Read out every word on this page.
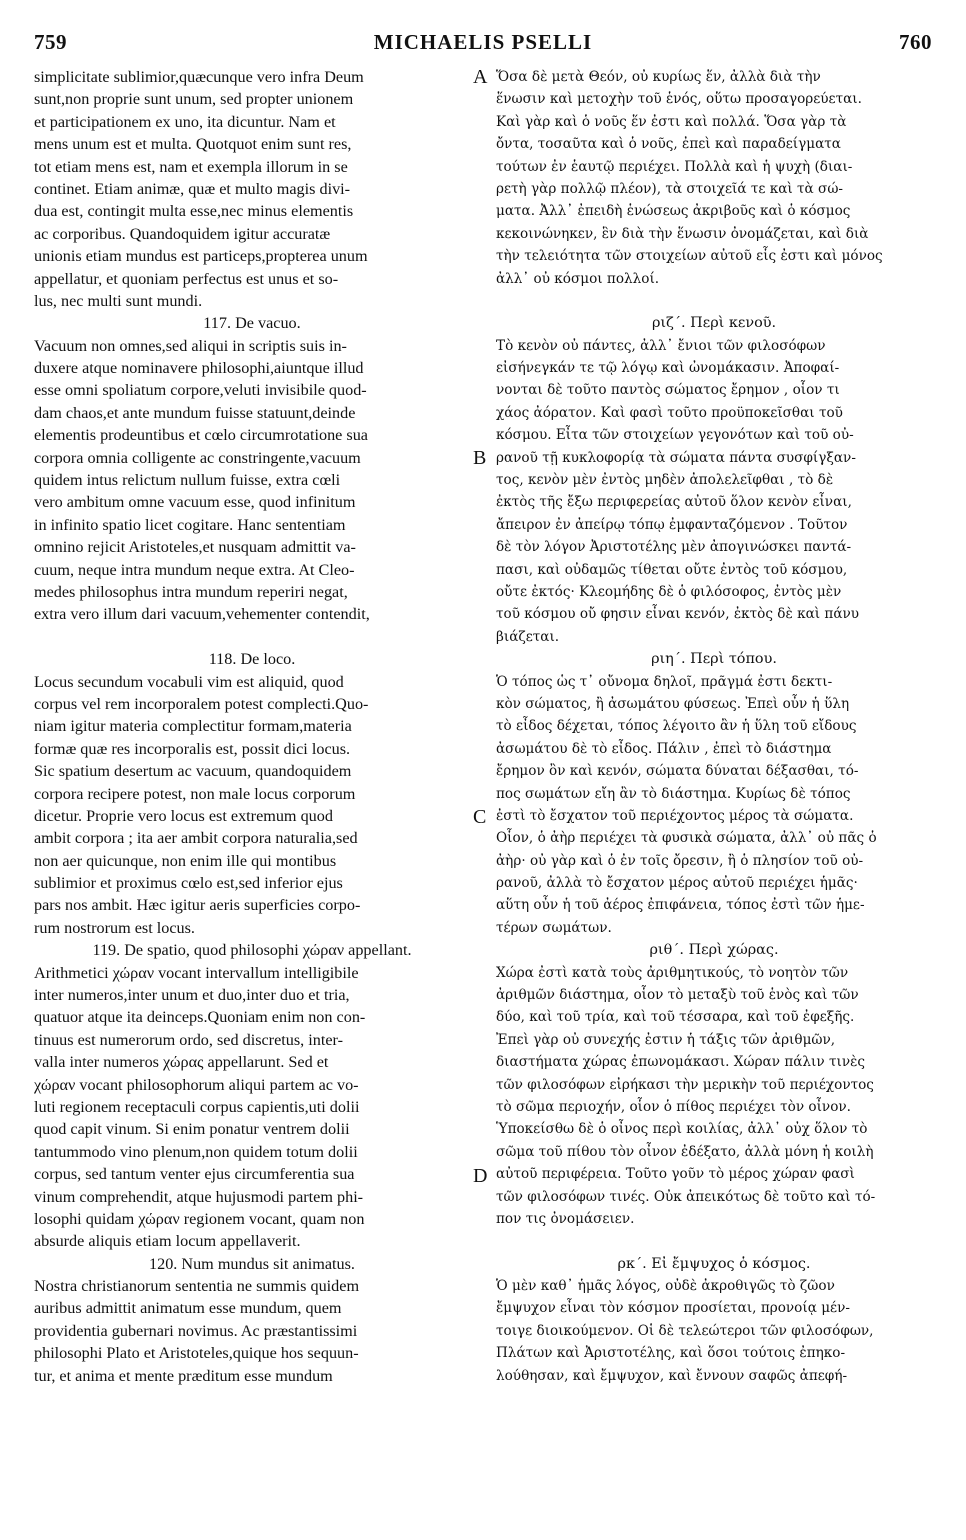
759	MICHAELIS PSELLI	760
simplicitate sublimior,quæcunque vero infra Deum
sunt,non proprie sunt unum, sed propter unionem
et participationem ex uno, ita dicuntur. Nam et
mens unum est et multa. Quotquot enim sunt res,
tot etiam mens est, nam et exempla illorum in se
continet. Etiam animæ, quæ et multo magis divi-
dua est, contingit multa esse,nec minus elementis
ac corporibus. Quandoquidem igitur accuratæ
unionis etiam mundus est particeps,propterea unum
appellatur, et quoniam perfectus est unus et so-
lus, nec multi sunt mundi.
117. De vacuo.
Vacuum non omnes,sed aliqui in scriptis suis in-
duxere atque nominavere philosophi,aiuntque illud
esse omni spoliatum corpore,veluti invisibile quod-
dam chaos,et ante mundum fuisse statuunt,deinde
elementis prodeuntibus et cœlo circumrotatione sua
corpora omnia colligente ac constringente,vacuum
quidem intus relictum nullum fuisse, extra cœli
vero ambitum omne vacuum esse, quod infinitum
in infinito spatio licet cogitare. Hanc sententiam
omnino rejicit Aristoteles,et nusquam admittit va-
cuum, neque intra mundum neque extra. At Cleo-
medes philosophus intra mundum reperiri negat,
extra vero illum dari vacuum,vehementer contendit,
118. De loco.
Locus secundum vocabuli vim est aliquid, quod
corpus vel rem incorporalem potest complecti.Quo-
niam igitur materia complectitur formam,materia
formæ quæ res incorporalis est, possit dici locus.
Sic spatium desertum ac vacuum, quandoquidem
corpora recipere potest, non male locus corporum
dicetur. Proprie vero locus est extremum quod
ambit corpora ; ita aer ambit corpora naturalia,sed
non aer quicunque, non enim ille qui montibus
sublimior et proximus cœlo est,sed inferior ejus
pars nos ambit. Hæc igitur aeris superficies corpo-
rum nostrorum est locus.
119. De spatio, quod philosophi χώραν appellant.
Arithmetici χώραν vocant intervallum intelligibile
inter numeros,inter unum et duo,inter duo et tria,
quatuor atque ita deinceps.Quoniam enim non con-
tinuus est numerorum ordo, sed discretus, inter-
valla inter numeros χώρας appellarunt. Sed et
χώραν vocant philosophorum aliqui partem ac vo-
luti regionem receptaculi corpus capientis,uti dolii
quod capit vinum. Si enim ponatur ventrem dolii
tantummodo vino plenum,non quidem totum dolii
corpus, sed tantum venter ejus circumferentia sua
vinum comprehendit, atque hujusmodi partem phi-
losophi quidam χώραν regionem vocant, quam non
absurde aliquis etiam locum appellaverit.
120. Num mundus sit animatus.
Nostra christianorum sententia ne summis quidem
auribus admittit animatum esse mundum, quem
providentia gubernari novimus. Ac præstantissimi
philosophi Plato et Aristoteles,quique hos sequun-
tur, et anima et mente præditum esse mundum
Ὅσα δὲ μετὰ Θεόν, οὐ κυρίως ἕν, ἀλλὰ διὰ τὴν
ἕνωσιν καὶ μετοχὴν τοῦ ἑνός, οὕτω προσαγορεύεται.
Καὶ γὰρ καὶ ὁ νοῦς ἕν ἐστι καὶ πολλά. Ὅσα γὰρ τὰ
ὄντα, τοσαῦτα καὶ ὁ νοῦς, ἐπεὶ καὶ παραδείγματα
τούτων ἐν ἑαυτῷ περιέχει. Πολλὰ καὶ ἡ ψυχὴ (διαι-
ρετὴ γὰρ πολλῷ πλέον), τὰ στοιχεῖά τε καὶ τὰ σώ-
ματα. Ἀλλ᾽ ἐπειδὴ ἑνώσεως ἀκριβοῦς καὶ ὁ κόσμος
κεκοινώνηκεν, ἓν διὰ τὴν ἕνωσιν ὀνομάζεται, καὶ διὰ
τὴν τελειότητα τῶν στοιχείων αὐτοῦ εἷς ἐστι καὶ μόνος
ἀλλ᾽ οὐ κόσμοι πολλοί.
ριζ΄. Περὶ κενοῦ.
Τὸ κενὸν οὐ πάντες, ἀλλ᾽ ἔνιοι τῶν φιλοσόφων
εἰσήνεγκάν τε τῷ λόγῳ καὶ ὠνομάκασιν. Ἀποφαί-
νονται δὲ τοῦτο παντὸς σώματος ἔρημον , οἷον τι
χάος ἀόρατον. Καὶ φασὶ τοῦτο προϋποκεῖσθαι τοῦ
κόσμου. Εἶτα τῶν στοιχείων γεγονότων καὶ τοῦ οὐ-
ρανοῦ τῇ κυκλοφορίᾳ τὰ σώματα πάντα συσφίγξαν-
τος, κενὸν μὲν ἐντὸς μηδὲν ἀπολελεῖφθαι , τὸ δὲ
ἐκτὸς τῆς ἔξω περιφερείας αὐτοῦ ὅλον κενὸν εἶναι,
ἄπειρον ἐν ἀπείρῳ τόπῳ ἐμφανταζόμενον . Τοῦτον
δὲ τὸν λόγον Ἀριστοτέλης μὲν ἀπογινώσκει παντά-
πασι, καὶ οὐδαμῶς τίθεται οὔτε ἐντὸς τοῦ κόσμου,
οὔτε ἐκτός· Κλεομήδης δὲ ὁ φιλόσοφος, ἐντὸς μὲν
τοῦ κόσμου οὔ φησιν εἶναι κενόν, ἐκτὸς δὲ καὶ πάνυ
βιάζεται.
ριη΄. Περὶ τόπου.
Ὁ τόπος ὡς τ᾽ οὔνομα δηλοῖ, πρᾶγμά ἐστι δεκτι-
κὸν σώματος, ἢ ἀσωμάτου φύσεως. Ἐπεὶ οὖν ἡ ὕλη
τὸ εἶδος δέχεται, τόπος λέγοιτο ἂν ἡ ὕλη τοῦ εἴδους
ἀσωμάτου δὲ τὸ εἶδος. Πάλιν , ἐπεὶ τὸ διάστημα
ἔρημον ὂν καὶ κενόν, σώματα δύναται δέξασθαι, τό-
πος σωμάτων εἴη ἂν τὸ διάστημα. Κυρίως δὲ τόπος
ἐστὶ τὸ ἔσχατον τοῦ περιέχοντος μέρος τὰ σώματα.
Οἷον, ὁ ἀὴρ περιέχει τὰ φυσικὰ σώματα, ἀλλ᾽ οὐ πᾶς ὁ
ἀὴρ· οὐ γὰρ καὶ ὁ ἐν τοῖς ὄρεσιν, ἢ ὁ πλησίον τοῦ οὐ-
ρανοῦ, ἀλλὰ τὸ ἔσχατον μέρος αὐτοῦ περιέχει ἡμᾶς·
αὕτη οὖν ἡ τοῦ ἀέρος ἐπιφάνεια, τόπος ἐστὶ τῶν ἡμε-
τέρων σωμάτων.
ριθ΄. Περὶ χώρας.
Χώρα ἐστὶ κατὰ τοὺς ἀριθμητικούς, τὸ νοητὸν τῶν
ἀριθμῶν διάστημα, οἷον τὸ μεταξὺ τοῦ ἑνὸς καὶ τῶν
δύο, καὶ τοῦ τρία, καὶ τοῦ τέσσαρα, καὶ τοῦ ἐφεξῆς.
Ἐπεὶ γὰρ οὐ συνεχής ἐστιν ἡ τάξις τῶν ἀριθμῶν,
διαστήματα χώρας ἐπωνομάκασι. Χώραν πάλιν τινὲς
τῶν φιλοσόφων εἰρήκασι τὴν μερικὴν τοῦ περιέχοντος
τὸ σῶμα περιοχήν, οἷον ὁ πίθος περιέχει τὸν οἶνον.
Ὑποκείσθω δὲ ὁ οἶνος περὶ κοιλίας, ἀλλ᾽ οὐχ ὅλον τὸ
σῶμα τοῦ πίθου τὸν οἶνον ἐδέξατο, ἀλλὰ μόνη ἡ κοιλὴ
αὐτοῦ περιφέρεια. Τοῦτο γοῦν τὸ μέρος χώραν φασὶ
τῶν φιλοσόφων τινές. Οὐκ ἀπεικότως δὲ τοῦτο καὶ τό-
πον τις ὀνομάσειεν.
ρκ΄. Εἰ ἔμψυχος ὁ κόσμος.
Ὁ μὲν καθ᾽ ἡμᾶς λόγος, οὐδὲ ἀκροθιγῶς τὸ ζῶον
ἔμψυχον εἶναι τὸν κόσμον προσίεται, προνοίᾳ μέν-
τοιγε διοικούμενον. Οἱ δὲ τελεώτεροι τῶν φιλοσόφων,
Πλάτων καὶ Ἀριστοτέλης, καὶ ὅσοι τούτοις ἐπηκο-
λούθησαν, καὶ ἔμψυχον, καὶ ἔννουν σαφῶς ἀπεφή-
A
B
C
D
